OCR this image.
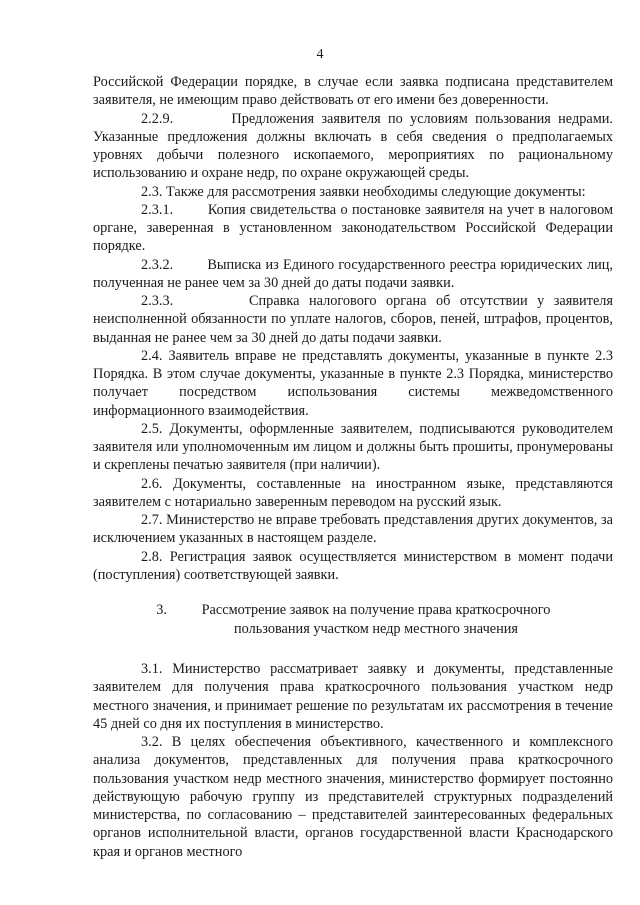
4

Российской Федерации порядке, в случае если заявка подписана представителем заявителя, не имеющим право действовать от его имени без доверенности.

2.2.9.        Предложения заявителя по условиям пользования недрами. Указанные предложения должны включать в себя сведения о предполагаемых уровнях добычи полезного ископаемого, мероприятиях по рациональному использованию и охране недр, по охране окружающей среды.

2.3. Также для рассмотрения заявки необходимы следующие документы:

2.3.1.        Копия свидетельства о постановке заявителя на учет в налоговом органе, заверенная в установленном законодательством Российской Федерации порядке.

2.3.2.        Выписка из Единого государственного реестра юридических лиц, полученная не ранее чем за 30 дней до даты подачи заявки.

2.3.3.        Справка налогового органа об отсутствии у заявителя неисполненной обязанности по уплате налогов, сборов, пеней, штрафов, процентов, выданная не ранее чем за 30 дней до даты подачи заявки.

2.4. Заявитель вправе не представлять документы, указанные в пункте 2.3 Порядка. В этом случае документы, указанные в пункте 2.3 Порядка, министерство получает посредством использования системы межведомственного информационного взаимодействия.

2.5. Документы, оформленные заявителем, подписываются руководителем заявителя или уполномоченным им лицом и должны быть прошиты, пронумерованы и скреплены печатью заявителя (при наличии).

2.6. Документы, составленные на иностранном языке, представляются заявителем с нотариально заверенным переводом на русский язык.

2.7. Министерство не вправе требовать представления других документов, за исключением указанных в настоящем разделе.

2.8. Регистрация заявок осуществляется министерством в момент подачи (поступления) соответствующей заявки.

3.	Рассмотрение заявок на получение права краткосрочного
пользования участком недр местного значения

3.1. Министерство рассматривает заявку и документы, представленные заявителем для получения права краткосрочного пользования участком недр местного значения, и принимает решение по результатам их рассмотрения в течение 45 дней со дня их поступления в министерство.

3.2. В целях обеспечения объективного, качественного и комплексного анализа документов, представленных для получения права краткосрочного пользования участком недр местного значения, министерство формирует постоянно действующую рабочую группу из представителей структурных подразделений министерства, по согласованию – представителей заинтересованных федеральных органов исполнительной власти, органов государственной власти Краснодарского края и органов местного
